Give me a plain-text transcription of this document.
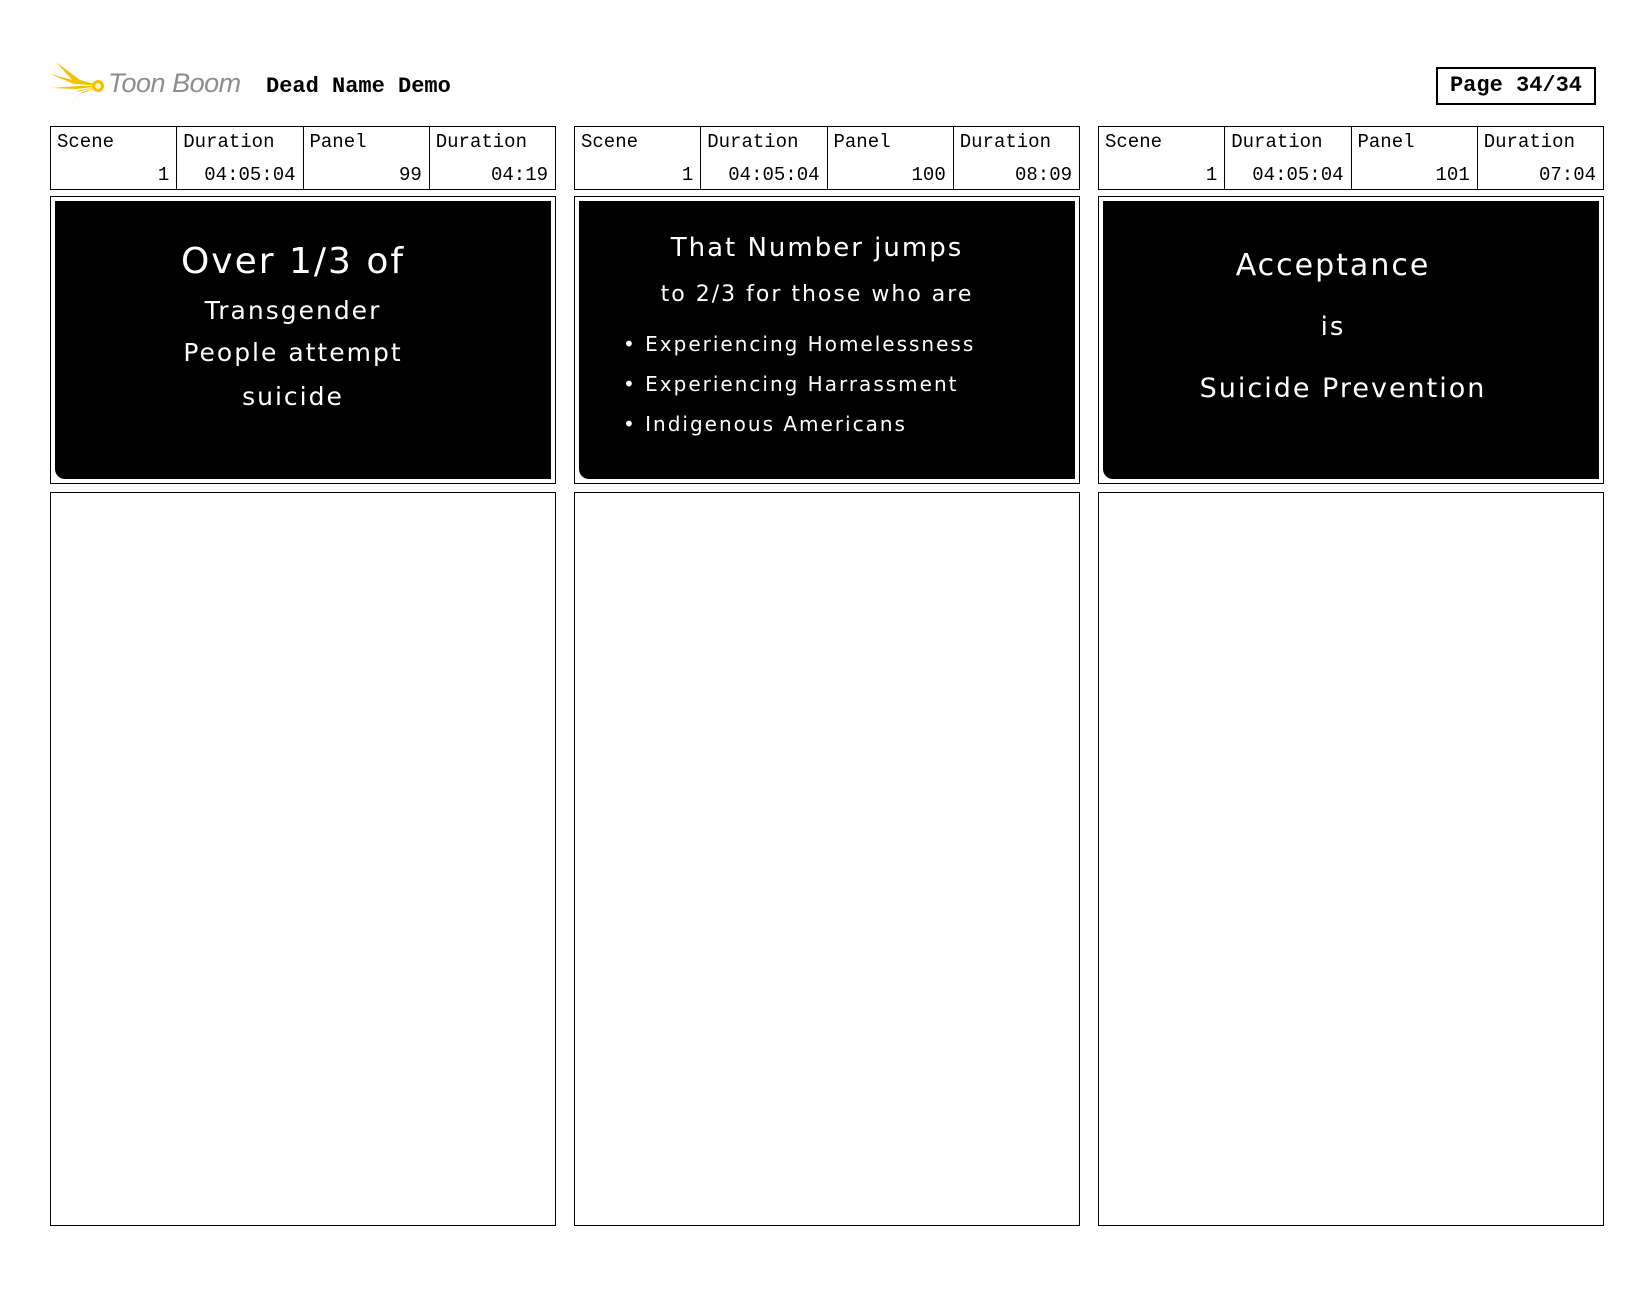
Toon Boom Dead Name Demo	Page 34/34
Scene
1
Duration
04:05:04
Panel
99
Duration
04:19
Over 1/3 of
Transgender
People attempt
suicide
Scene
1
Duration
04:05:04
Panel
100
Duration
08:09
That Number jumps
to 2/3 for those who are
• Experiencing Homelessness
• Experiencing Harrassment
• Indigenous Americans
Scene
1
Duration
04:05:04
Panel
101
Duration
07:04
Acceptance
is
Suicide Prevention
